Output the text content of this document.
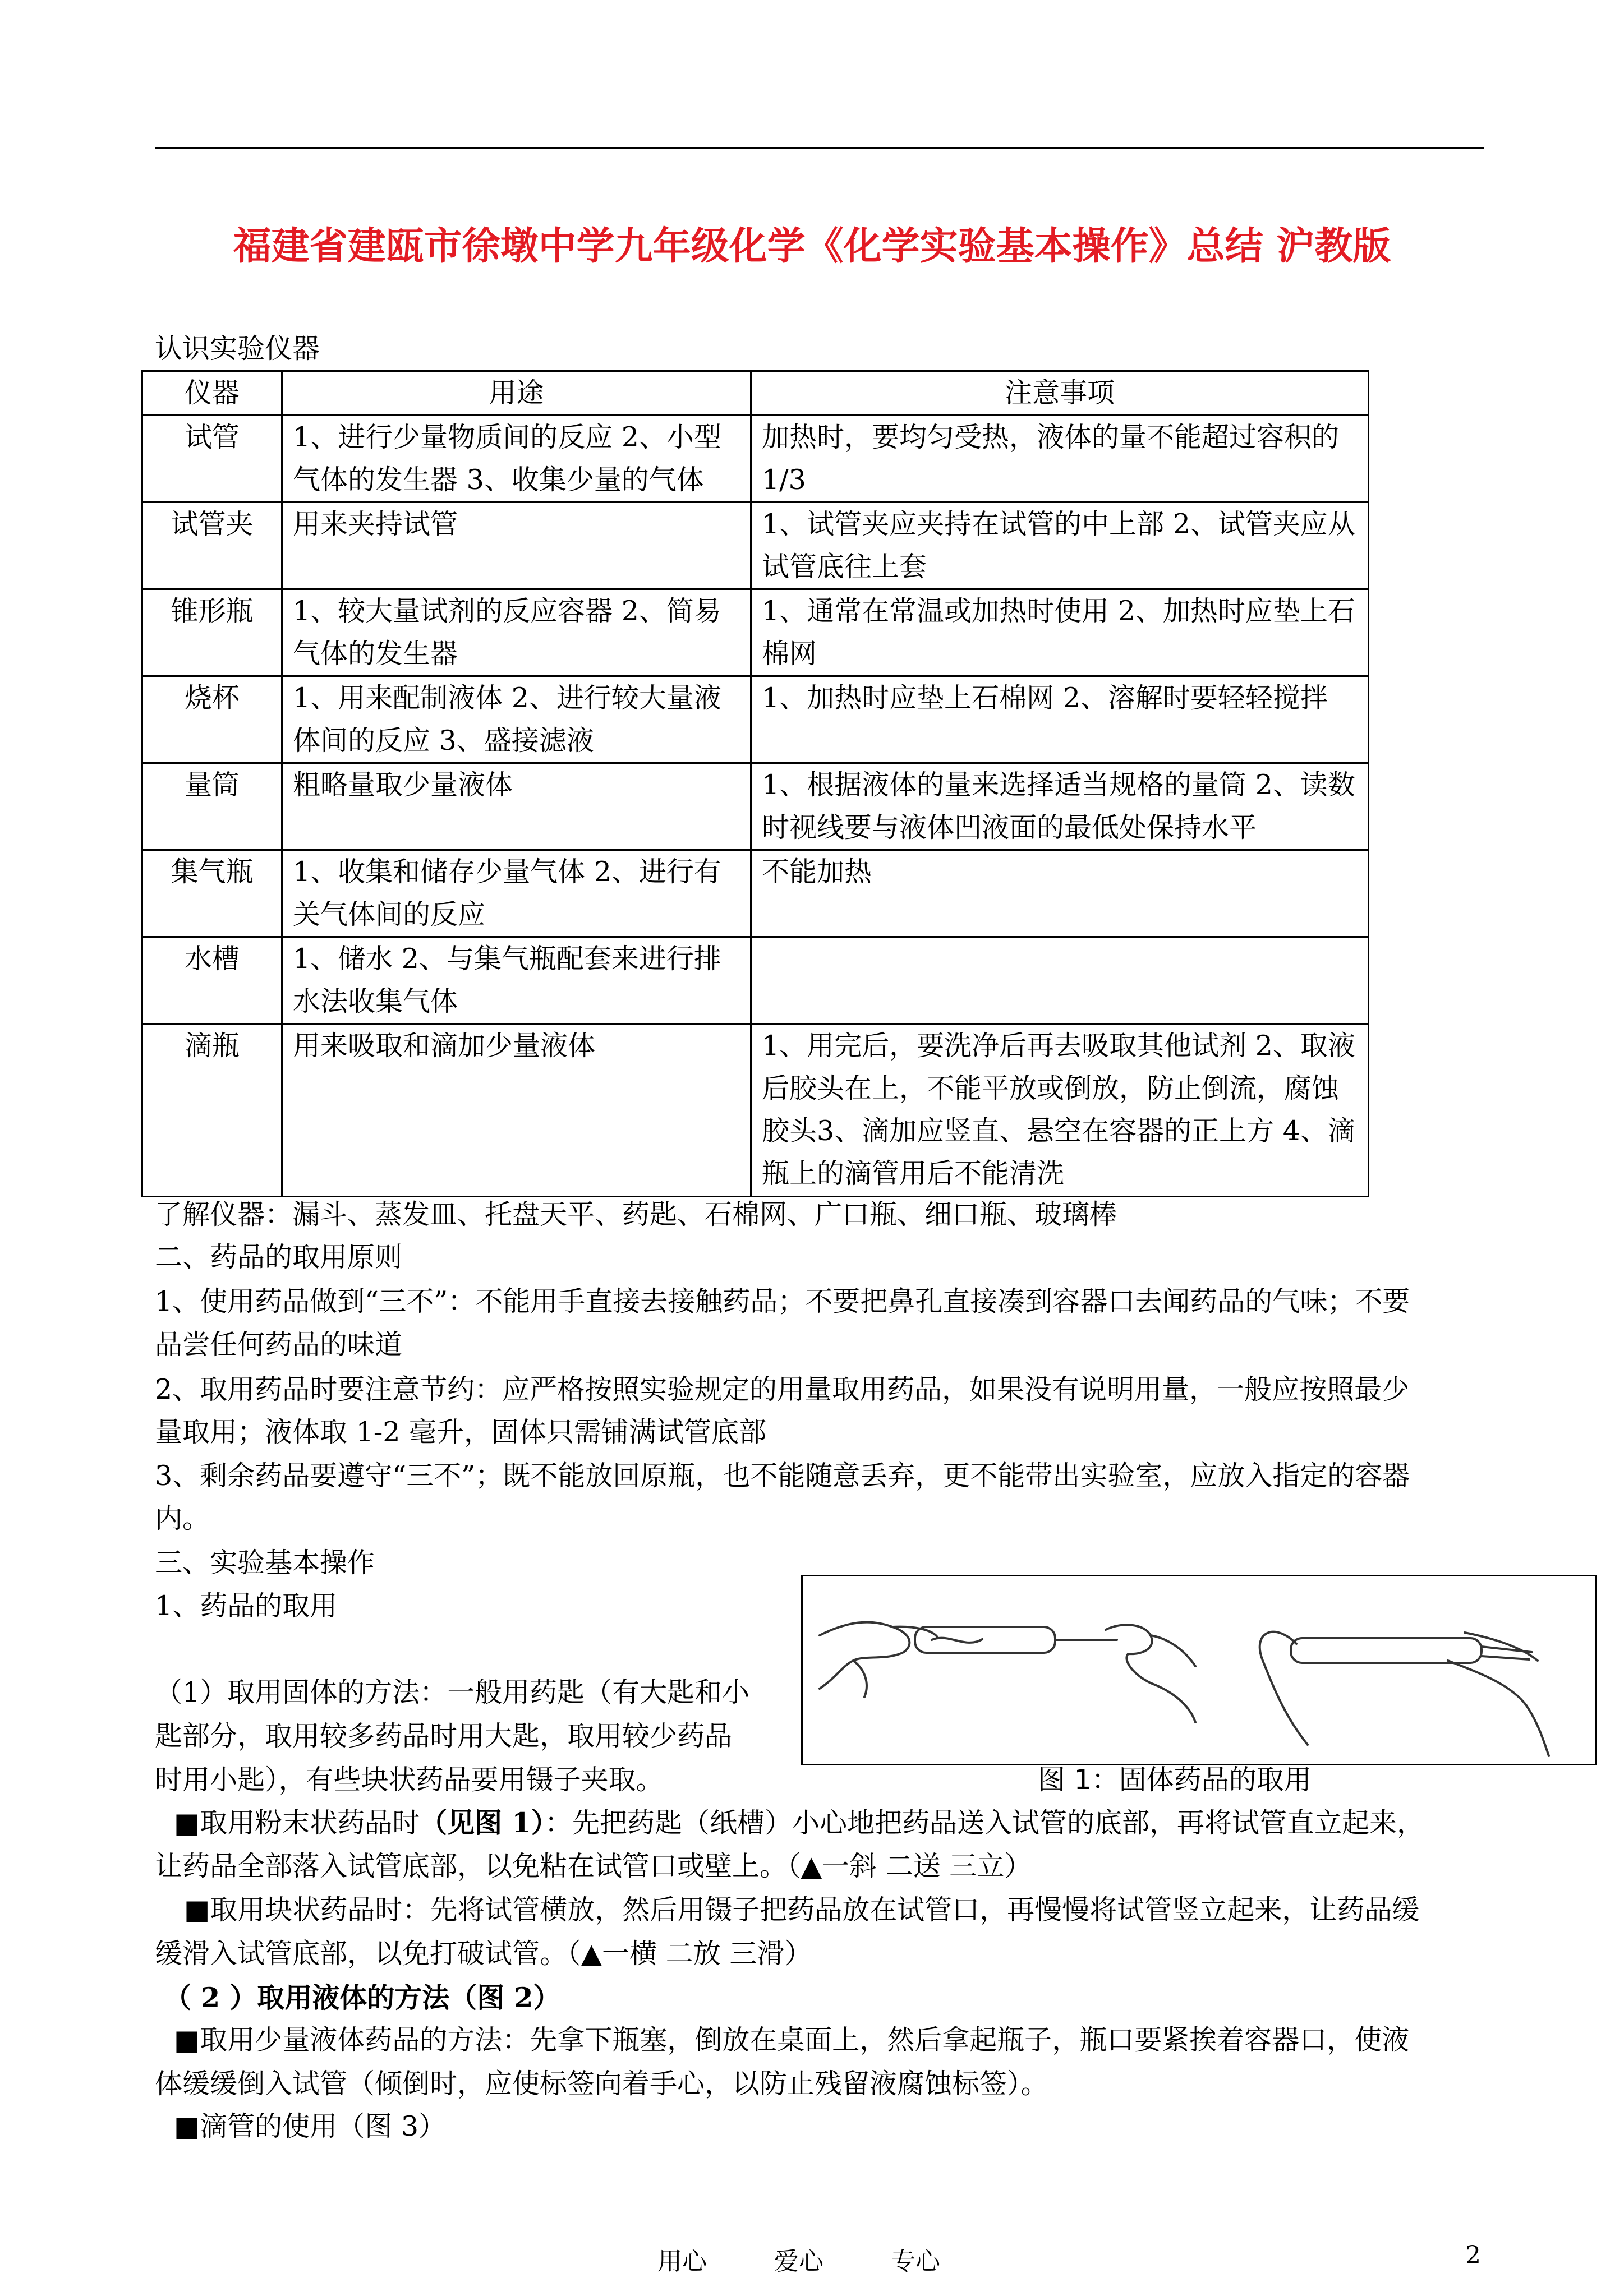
福建省建瓯市徐墩中学九年级化学《化学实验基本操作》总结 沪教版
认识实验仪器
仪器	用途	注意事项
试管	1、进行少量物质间的反应 2、小型气体的发生器 3、收集少量的气体	加热时，要均匀受热，液体的量不能超过容积的 1/3
试管夹	用来夹持试管	1、试管夹应夹持在试管的中上部 2、试管夹应从试管底往上套
锥形瓶	1、较大量试剂的反应容器 2、简易气体的发生器	1、通常在常温或加热时使用 2、加热时应垫上石棉网
烧杯	1、用来配制液体 2、进行较大量液体间的反应 3、盛接滤液	1、加热时应垫上石棉网 2、溶解时要轻轻搅拌
量筒	粗略量取少量液体	1、根据液体的量来选择适当规格的量筒 2、读数时视线要与液体凹液面的最低处保持水平
集气瓶	1、收集和储存少量气体 2、进行有关气体间的反应	不能加热
水槽	1、储水 2、与集气瓶配套来进行排水法收集气体	
滴瓶	用来吸取和滴加少量液体	1、用完后，要洗净后再去吸取其他试剂 2、取液后胶头在上，不能平放或倒放，防止倒流，腐蚀胶头3、滴加应竖直、悬空在容器的正上方 4、滴瓶上的滴管用后不能清洗
了解仪器：漏斗、蒸发皿、托盘天平、药匙、石棉网、广口瓶、细口瓶、玻璃棒
二、药品的取用原则
1、使用药品做到“三不”：不能用手直接去接触药品；不要把鼻孔直接凑到容器口去闻药品的气味；不要
品尝任何药品的味道
2、取用药品时要注意节约：应严格按照实验规定的用量取用药品，如果没有说明用量，一般应按照最少
量取用；液体取 1-2 毫升，固体只需铺满试管底部
3、剩余药品要遵守“三不”；既不能放回原瓶，也不能随意丢弃，更不能带出实验室，应放入指定的容器
内。
三、实验基本操作
1、药品的取用
（1）取用固体的方法：一般用药匙（有大匙和小
匙部分，取用较多药品时用大匙，取用较少药品
时用小匙），有些块状药品要用镊子夹取。
■取用粉末状药品时（见图 1）：先把药匙（纸槽）小心地把药品送入试管的底部，再将试管直立起来，
让药品全部落入试管底部，以免粘在试管口或壁上。（▲一斜 二送 三立）
■取用块状药品时：先将试管横放，然后用镊子把药品放在试管口，再慢慢将试管竖立起来，让药品缓
缓滑入试管底部，以免打破试管。（▲一横 二放 三滑）
（ 2 ）取用液体的方法（图 2）
■取用少量液体药品的方法：先拿下瓶塞，倒放在桌面上，然后拿起瓶子，瓶口要紧挨着容器口，使液
体缓缓倒入试管（倾倒时，应使标签向着手心，以防止残留液腐蚀标签）。
■滴管的使用（图 3）
图 1：固体药品的取用
用心	爱心	专心	2
